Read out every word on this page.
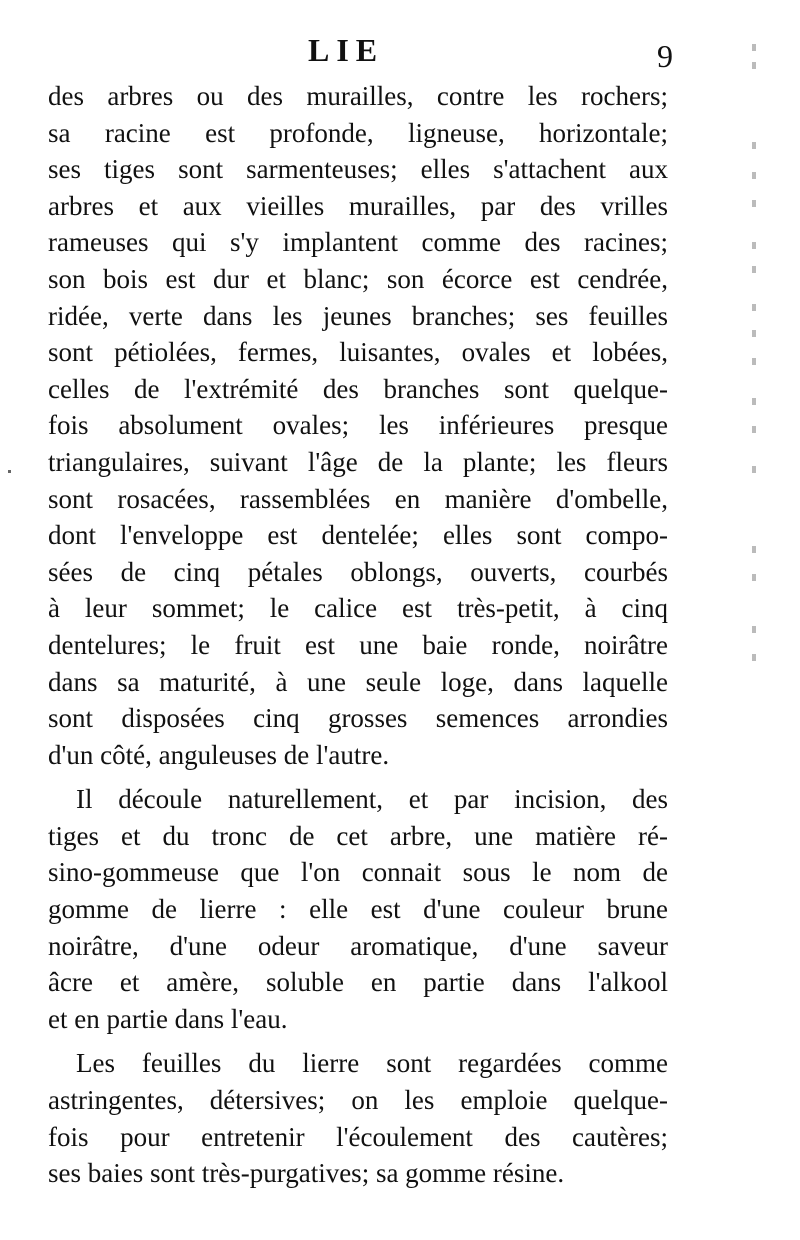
LIE	9
des arbres ou des murailles, contre les rochers;
sa racine est profonde, ligneuse, horizontale;
ses tiges sont sarmenteuses; elles s'attachent aux
arbres et aux vieilles murailles, par des vrilles
rameuses qui s'y implantent comme des racines;
son bois est dur et blanc; son écorce est cendrée,
ridée, verte dans les jeunes branches; ses feuilles
sont pétiolées, fermes, luisantes, ovales et lobées,
celles de l'extrémité des branches sont quelque-
fois absolument ovales; les inférieures presque
triangulaires, suivant l'âge de la plante; les fleurs
sont rosacées, rassemblées en manière d'ombelle,
dont l'enveloppe est dentelée; elles sont compo-
sées de cinq pétales oblongs, ouverts, courbés
à leur sommet; le calice est très-petit, à cinq
dentelures; le fruit est une baie ronde, noirâtre
dans sa maturité, à une seule loge, dans laquelle
sont disposées cinq grosses semences arrondies
d'un côté, anguleuses de l'autre.
Il découle naturellement, et par incision, des
tiges et du tronc de cet arbre, une matière ré-
sino-gommeuse que l'on connait sous le nom de
gomme de lierre : elle est d'une couleur brune
noirâtre, d'une odeur aromatique, d'une saveur
âcre et amère, soluble en partie dans l'alkool
et en partie dans l'eau.
Les feuilles du lierre sont regardées comme
astringentes, détersives; on les emploie quelque-
fois pour entretenir l'écoulement des cautères;
ses baies sont très-purgatives; sa gomme résine.
